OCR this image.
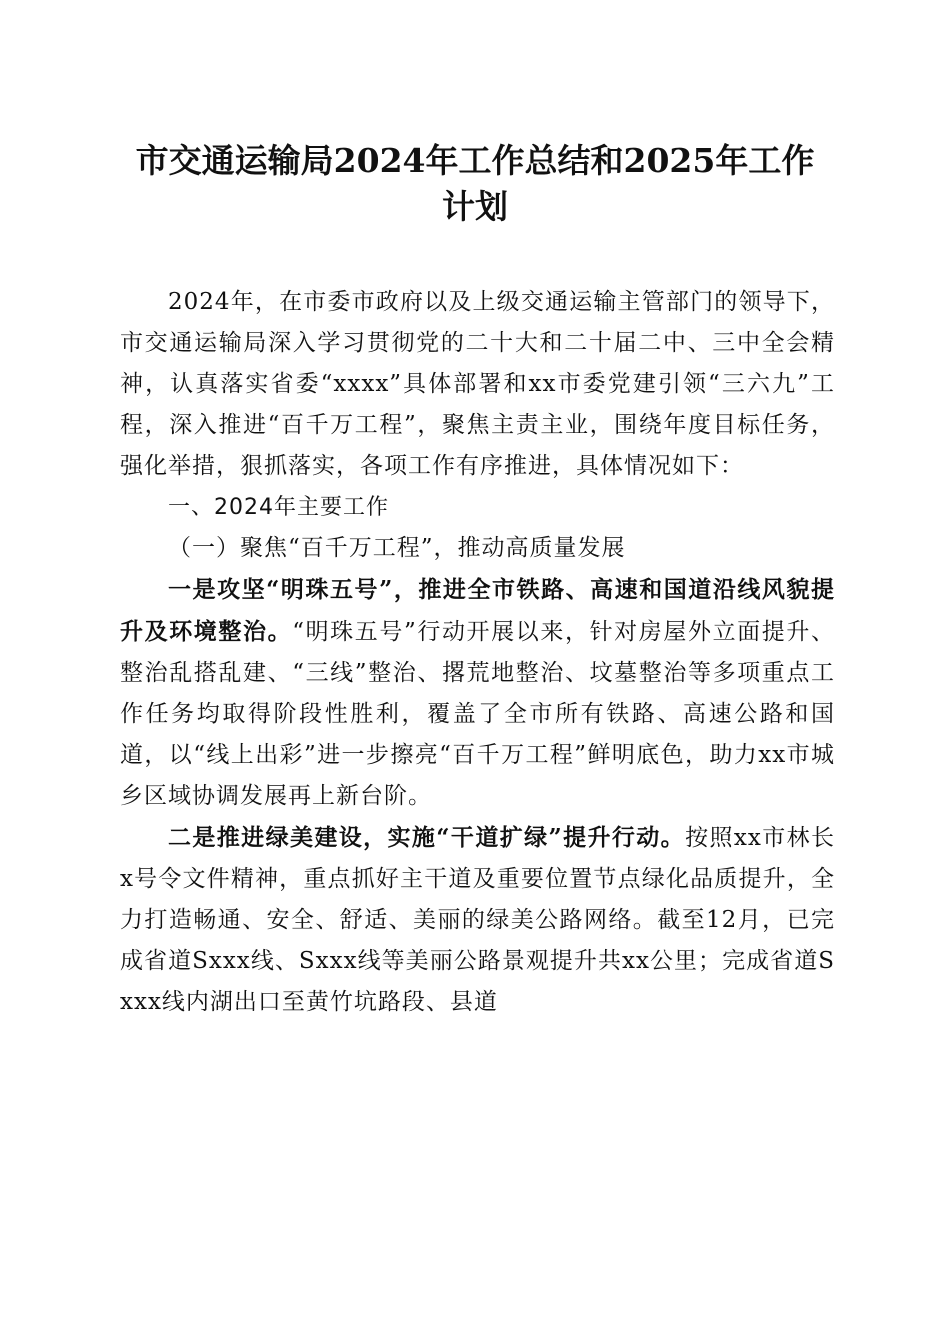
市交通运输局2024年工作总结和2025年工作
计划

2024年，在市委市政府以及上级交通运输主管部门的领导下，市交通运输局深入学习贯彻党的二十大和二十届二中、三中全会精神，认真落实省委“xxxx”具体部署和xx市委党建引领“三六九”工程，深入推进“百千万工程”，聚焦主责主业，围绕年度目标任务，强化举措，狠抓落实，各项工作有序推进，具体情况如下：

一、2024年主要工作

（一）聚焦“百千万工程”，推动高质量发展

一是攻坚“明珠五号”，推进全市铁路、高速和国道沿线风貌提升及环境整治。“明珠五号”行动开展以来，针对房屋外立面提升、整治乱搭乱建、“三线”整治、撂荒地整治、坟墓整治等多项重点工作任务均取得阶段性胜利，覆盖了全市所有铁路、高速公路和国道，以“线上出彩”进一步擦亮“百千万工程”鲜明底色，助力xx市城乡区域协调发展再上新台阶。

二是推进绿美建设，实施“干道扩绿”提升行动。按照xx市林长x号令文件精神，重点抓好主干道及重要位置节点绿化品质提升，全力打造畅通、安全、舒适、美丽的绿美公路网络。截至12月，已完成省道Sxxx线、Sxxx线等美丽公路景观提升共xx公里；完成省道Sxxx线内湖出口至黄竹坑路段、县道
